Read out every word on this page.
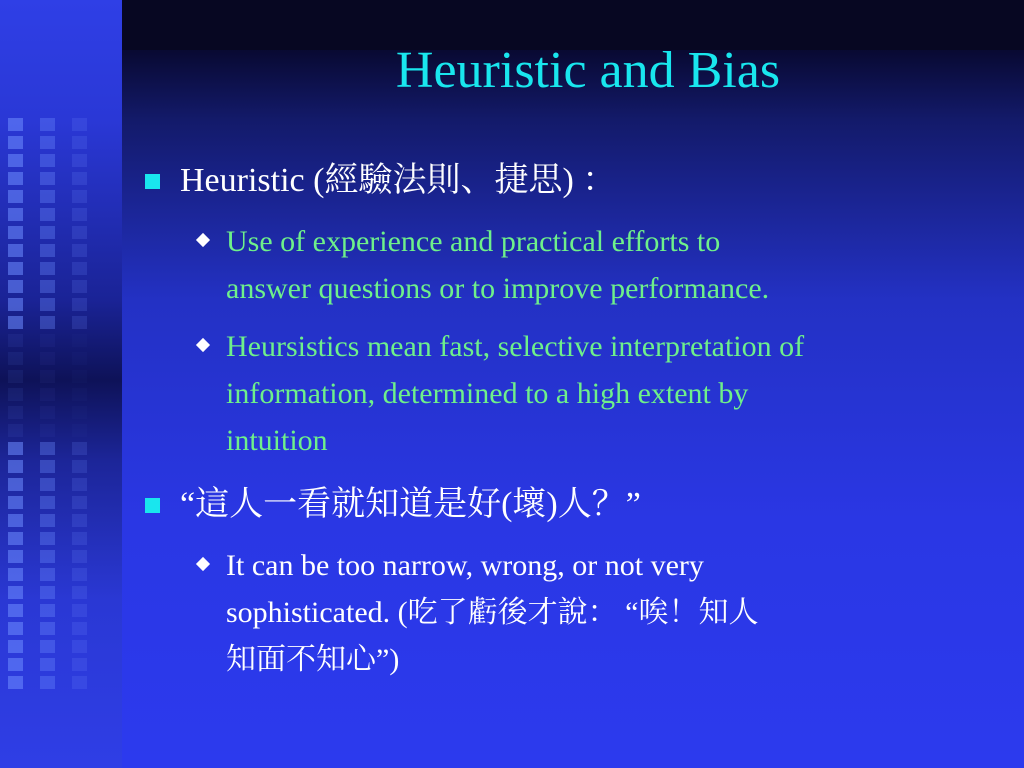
Heuristic and Bias
Heuristic (經驗法則、捷思) ：
Use of experience and practical efforts to
answer questions or to improve performance.
Heursistics mean fast, selective interpretation of
information, determined to a high extent by
intuition
“這人一看就知道是好(壞)人？”
It can be too narrow, wrong, or not very
sophisticated. (吃了虧後才說： “唉！知人
知面不知心”)
